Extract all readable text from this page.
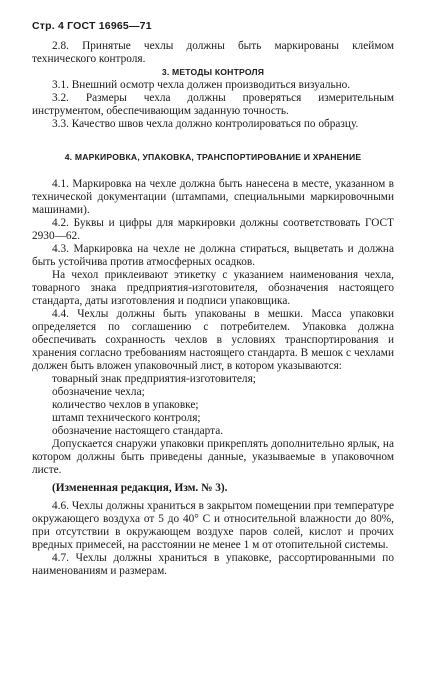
Стр. 4 ГОСТ 16965—71

2.8. Принятые чехлы должны быть маркированы клеймом технического контроля.

3. МЕТОДЫ КОНТРОЛЯ

3.1. Внешний осмотр чехла должен производиться визуально.

3.2. Размеры чехла должны проверяться измерительным инструментом, обеспечивающим заданную точность.

3.3. Качество швов чехла должно контролироваться по образцу.

4. МАРКИРОВКА, УПАКОВКА, ТРАНСПОРТИРОВАНИЕ И ХРАНЕНИЕ

4.1. Маркировка на чехле должна быть нанесена в месте, указанном в технической документации (штампами, специальными маркировочными машинами).

4.2. Буквы и цифры для маркировки должны соответствовать ГОСТ 2930—62.

4.3. Маркировка на чехле не должна стираться, выцветать и должна быть устойчива против атмосферных осадков.

На чехол приклеивают этикетку с указанием наименования чехла, товарного знака предприятия-изготовителя, обозначения настоящего стандарта, даты изготовления и подписи упаковщика.

4.4. Чехлы должны быть упакованы в мешки. Масса упаковки определяется по соглашению с потребителем. Упаковка должна обеспечивать сохранность чехлов в условиях транспортирования и хранения согласно требованиям настоящего стандарта. В мешок с чехлами должен быть вложен упаковочный лист, в котором указываются:

товарный знак предприятия-изготовителя;

обозначение чехла;

количество чехлов в упаковке;

штамп технического контроля;

обозначение настоящего стандарта.

Допускается снаружи упаковки прикреплять дополнительно ярлык, на котором должны быть приведены данные, указываемые в упаковочном листе.

(Измененная редакция, Изм. № 3).

4.6. Чехлы должны храниться в закрытом помещении при температуре окружающего воздуха от 5 до 40° С и относительной влажности до 80%, при отсутствии в окружающем воздухе паров солей, кислот и прочих вредных примесей, на расстоянии не менее 1 м от отопительной системы.

4.7. Чехлы должны храниться в упаковке, рассортированными по наименованиям и размерам.
